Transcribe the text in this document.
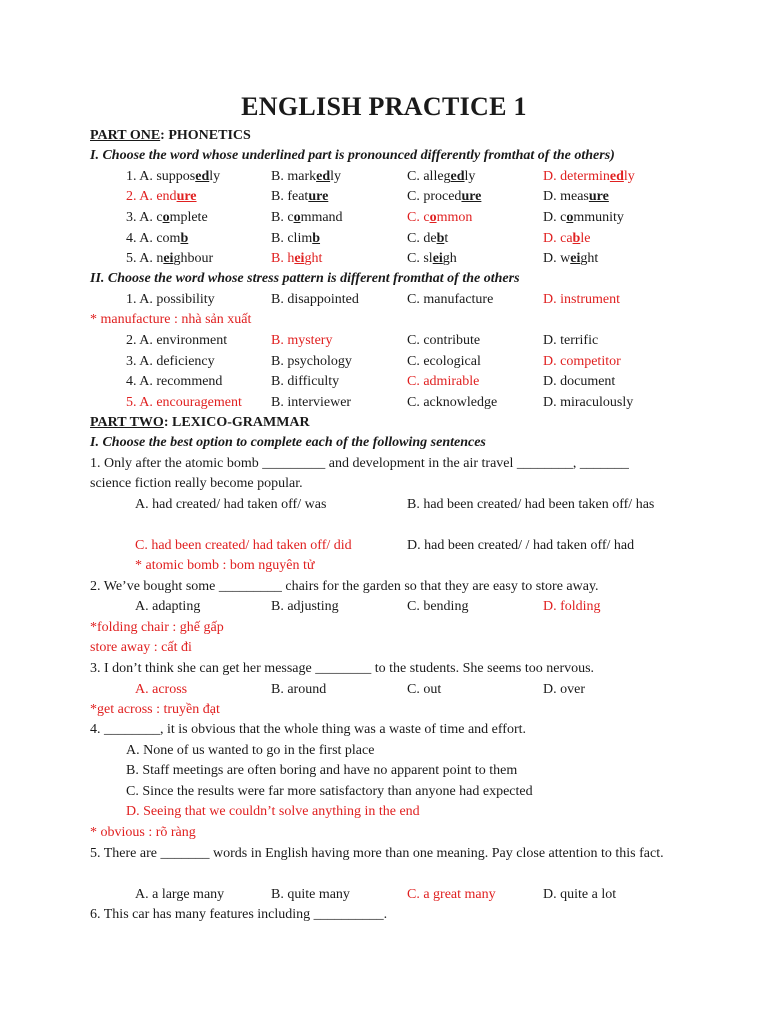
ENGLISH PRACTICE 1
PART ONE: PHONETICS
I. Choose the word whose underlined part is pronounced differently fromthat of the others)
1. A. supposedly	B. markedly	C. allegedly	D. determinedly
2. A. endure	B. feature	C. procedure	D. measure
3. A. complete	B. command	C. common	D. community
4. A. comb	B. climb	C. debt	D. cable
5. A. neighbour	B. height	C. sleigh	D. weight
II. Choose the word whose stress pattern is different fromthat of the others
1. A. possibility	B. disappointed	C. manufacture	D. instrument
* manufacture : nhà sản xuất
2. A. environment	B. mystery	C. contribute	D. terrific
3. A. deficiency	B. psychology	C. ecological	D. competitor
4. A. recommend	B. difficulty	C. admirable	D. document
5. A. encouragement B. interviewer	C. acknowledge	D. miraculously
PART TWO: LEXICO-GRAMMAR
I. Choose the best option to complete each of the following sentences
1. Only after the atomic bomb _________ and development in the air travel ________, _______
science fiction really become popular.
A. had created/ had taken off/ was	B. had been created/ had been taken off/ has
C. had been created/ had taken off/ did	D. had been created/ / had taken off/ had
* atomic bomb : bom nguyên tử
2. We’ve bought some _________ chairs for the garden so that they are easy to store away.
A. adapting	B. adjusting	C. bending	D. folding
*folding chair : ghế gấp
store away : cất đi
3. I don’t think she can get her message ________ to the students. She seems too nervous.
A. across	B. around	C. out	D. over
*get across : truyền đạt
4. ________, it is obvious that the whole thing was a waste of time and effort.
A. None of us wanted to go in the first place
B. Staff meetings are often boring and have no apparent point to them
C. Since the results were far more satisfactory than anyone had expected
D. Seeing that we couldn’t solve anything in the end
* obvious : rõ ràng
5. There are _______ words in English having more than one meaning. Pay close attention to this fact.
A. a large many	B. quite many	C. a great many	D. quite a lot
6. This car has many features including __________.
